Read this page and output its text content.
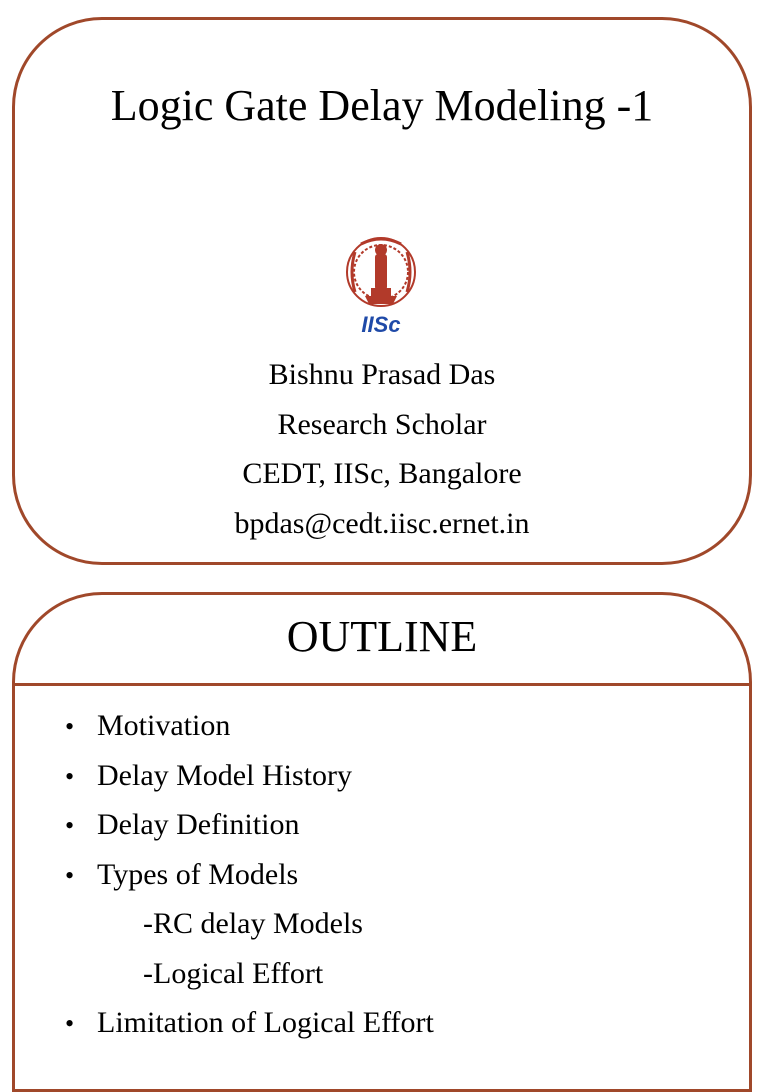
Logic Gate Delay Modeling -1
IISc
Bishnu Prasad Das
Research Scholar
CEDT, IISc, Bangalore
bpdas@cedt.iisc.ernet.in
OUTLINE
• Motivation
• Delay Model History
• Delay Definition
• Types of Models
-RC delay Models
-Logical Effort
• Limitation of Logical Effort
